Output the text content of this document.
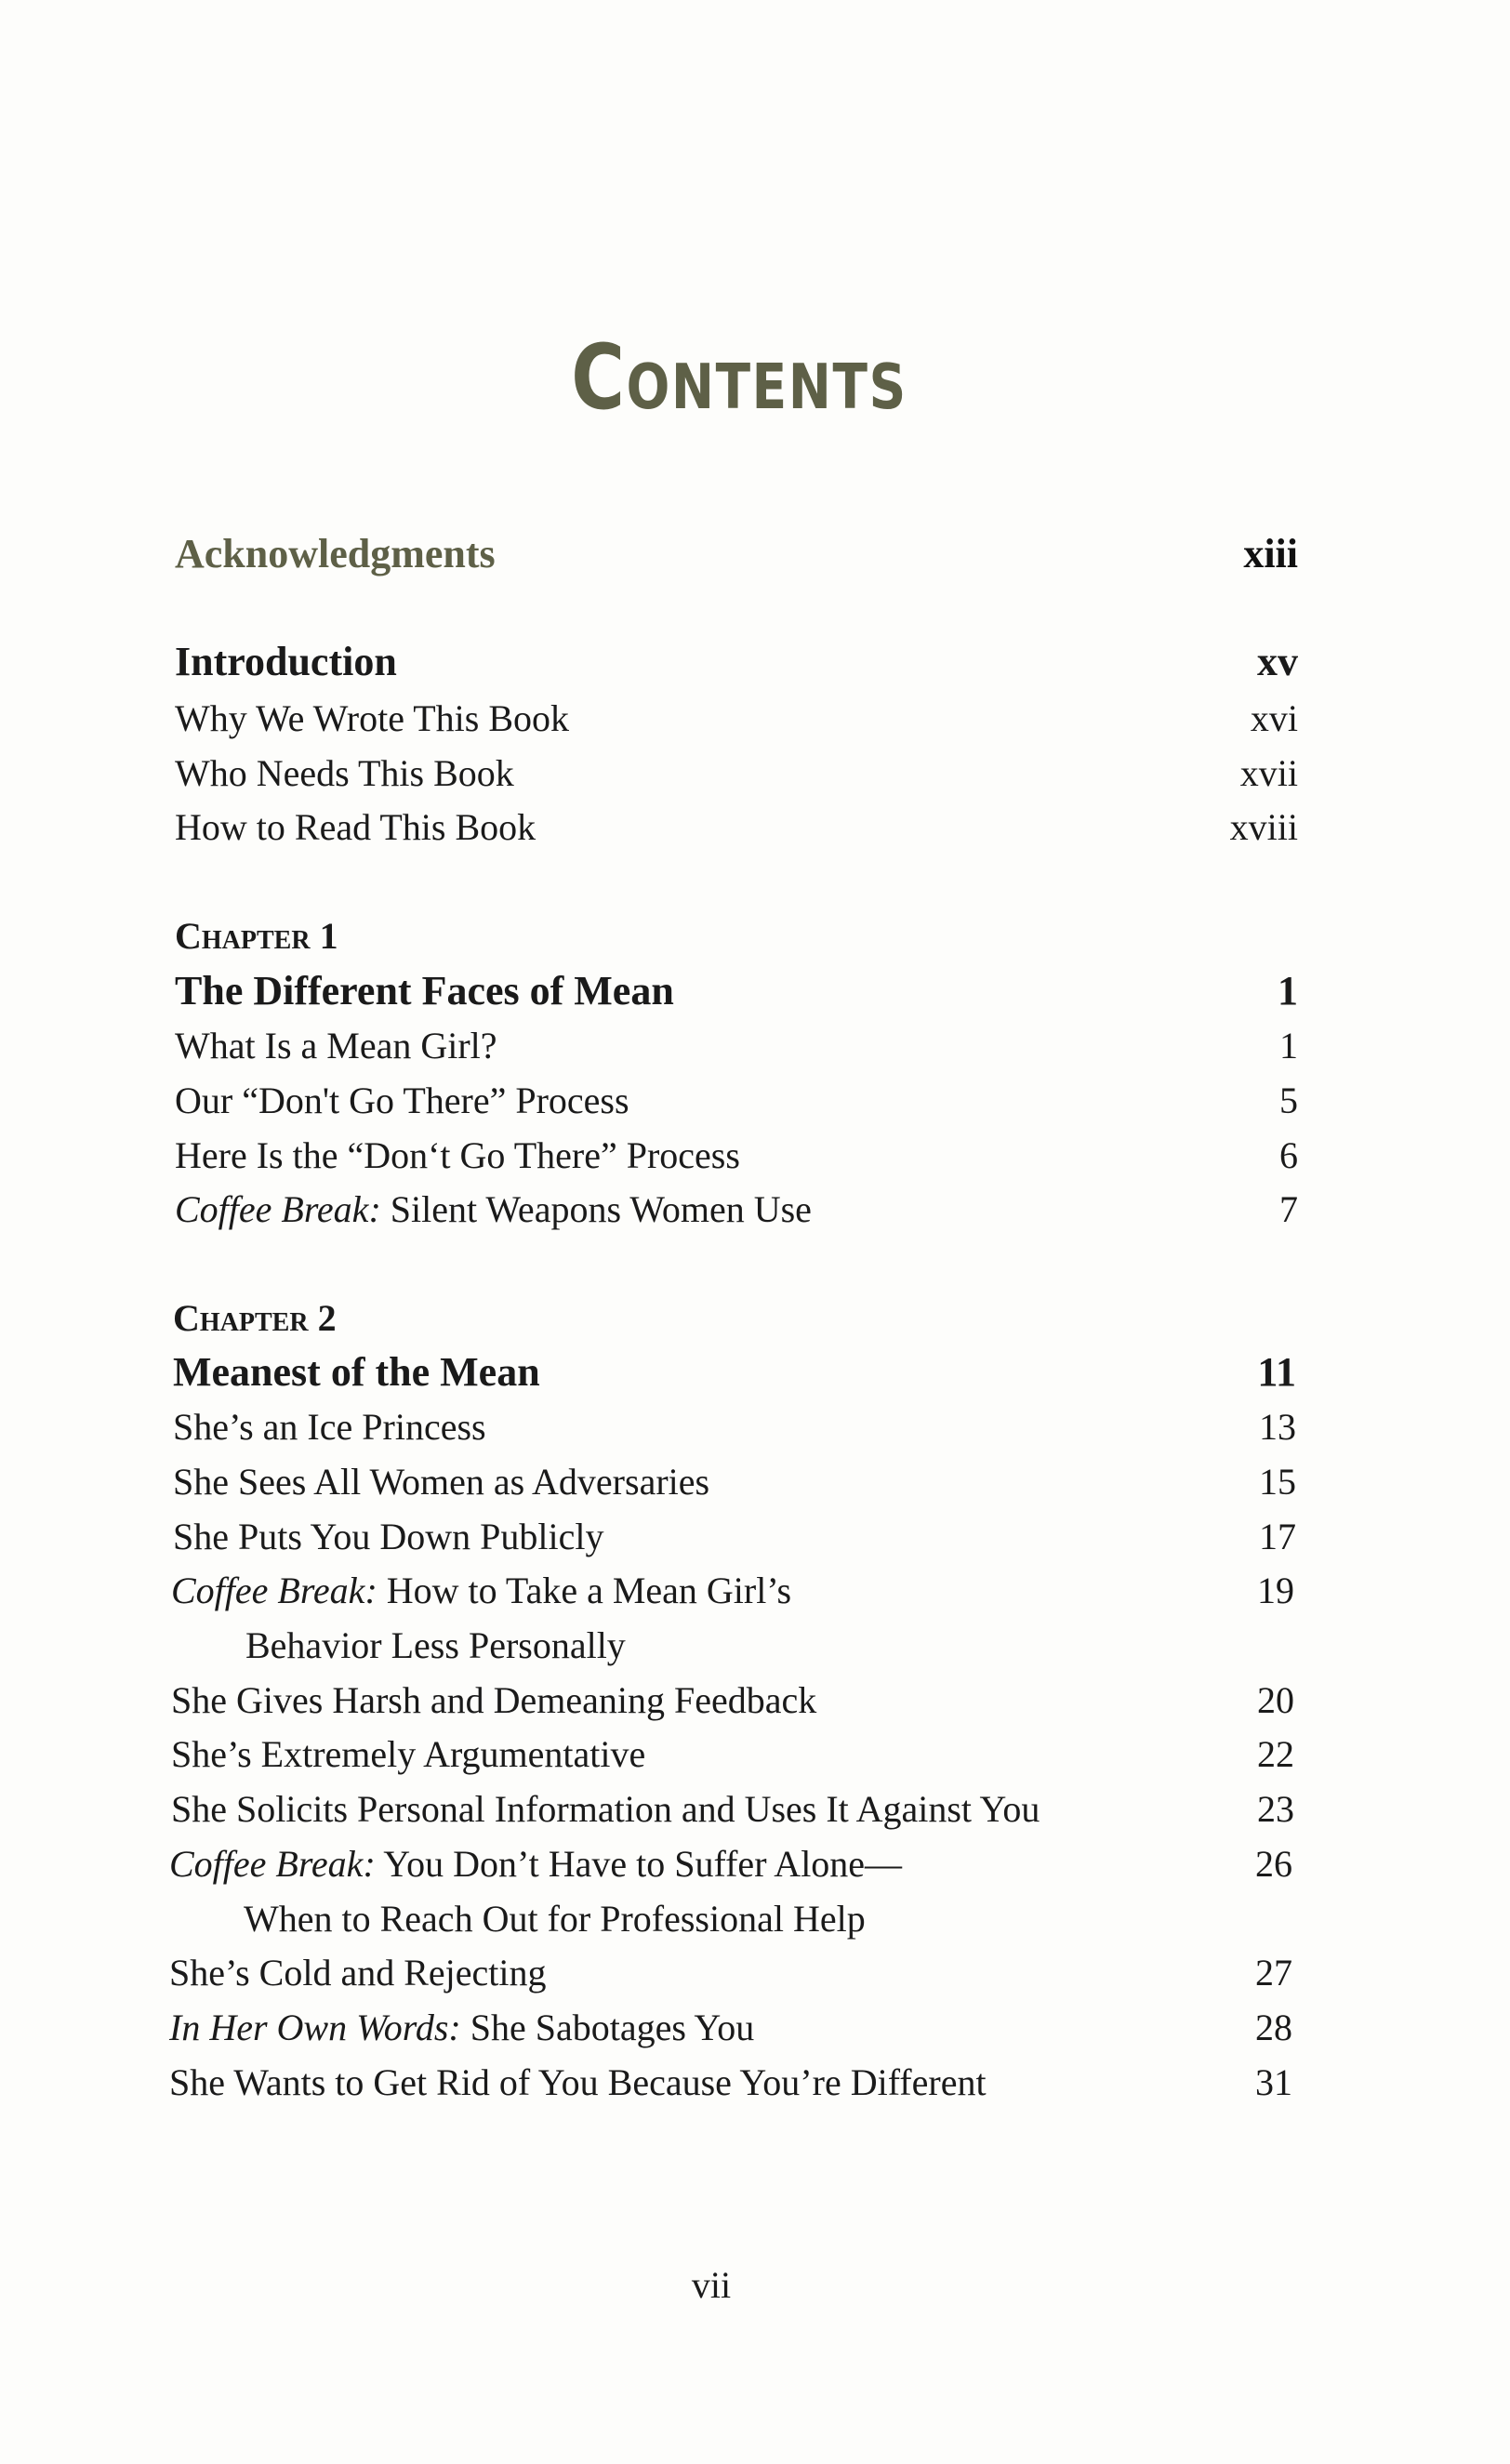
Contents
Acknowledgments	xiii
Introduction	xv
Why We Wrote This Book	xvi
Who Needs This Book	xvii
How to Read This Book	xviii
Chapter 1
The Different Faces of Mean	1
What Is a Mean Girl?	1
Our “Don't Go There” Process	5
Here Is the “Don‘t Go There” Process	6
Coffee Break: Silent Weapons Women Use	7
Chapter 2
Meanest of the Mean	11
She’s an Ice Princess	13
She Sees All Women as Adversaries	15
She Puts You Down Publicly	17
Coffee Break: How to Take a Mean Girl’s	19
Behavior Less Personally
She Gives Harsh and Demeaning Feedback	20
She’s Extremely Argumentative	22
She Solicits Personal Information and Uses It Against You	23
Coffee Break: You Don’t Have to Suffer Alone—	26
When to Reach Out for Professional Help
She’s Cold and Rejecting	27
In Her Own Words: She Sabotages You	28
She Wants to Get Rid of You Because You’re Different	31
vii
